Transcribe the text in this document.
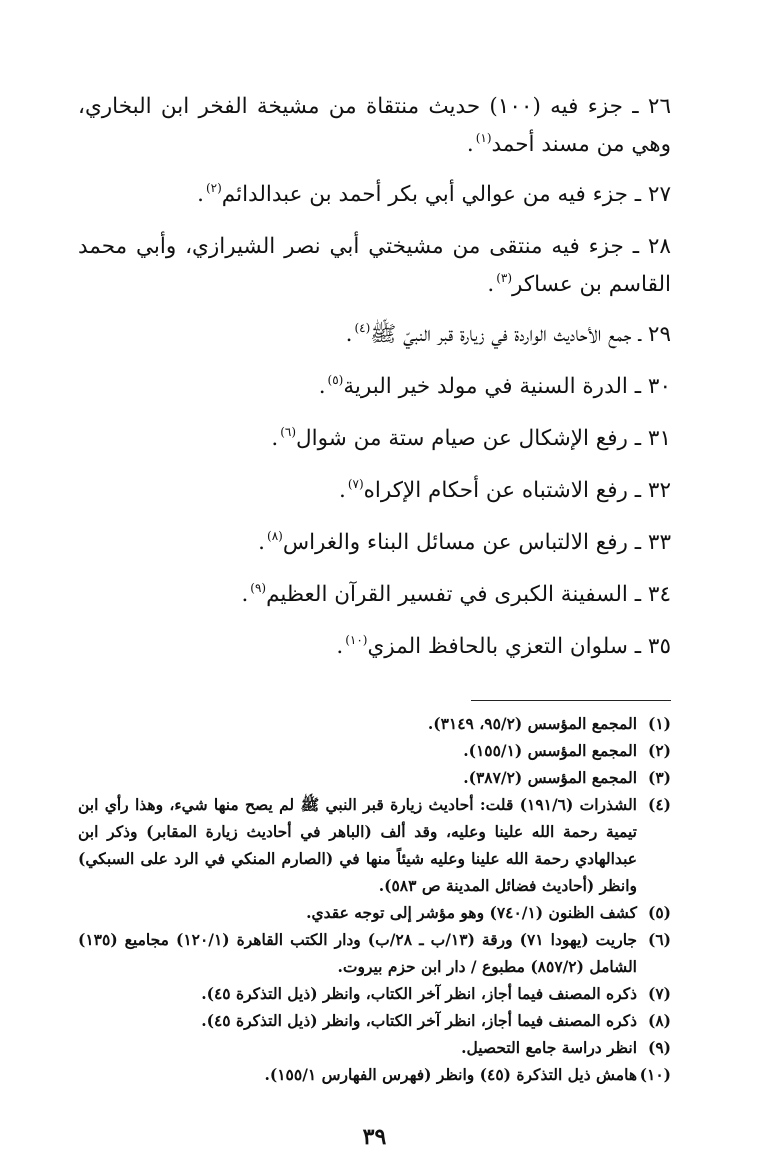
٢٦ ـ جزء فيه (١٠٠) حديث منتقاة من مشيخة الفخر ابن البخاري، وهي من مسند أحمد$^{(١)}$.
٢٧ ـ جزء فيه من عوالي أبي بكر أحمد بن عبدالدائم$^{(٢)}$.
٢٨ ـ جزء فيه منتقى من مشيختي أبي نصر الشيرازي، وأبي محمد القاسم بن عساكر$^{(٣)}$.
٢٩ ـ جمع الأحاديث الواردة في زيارة قبر النبيّ ﷺ$^{(٤)}$.
٣٠ ـ الدرة السنية في مولد خير البرية$^{(٥)}$.
٣١ ـ رفع الإشكال عن صيام ستة من شوال$^{(٦)}$.
٣٢ ـ رفع الاشتباه عن أحكام الإكراه$^{(٧)}$.
٣٣ ـ رفع الالتباس عن مسائل البناء والغراس$^{(٨)}$.
٣٤ ـ السفينة الكبرى في تفسير القرآن العظيم$^{(٩)}$.
٣٥ ـ سلوان التعزي بالحافظ المزي$^{(١٠)}$.
(١)
المجمع المؤسس (٩٥/٢، ٣١٤٩).
(٢)
المجمع المؤسس (١٥٥/١).
(٣)
المجمع المؤسس (٣٨٧/٢).
(٤)
الشذرات (١٩١/٦) قلت: أحاديث زيارة قبر النبي ﷺ لم يصح منها شيء، وهذا رأي ابن تيمية رحمة الله علينا وعليه، وقد ألف (الباهر في أحاديث زيارة المقابر) وذكر ابن عبدالهادي رحمة الله علينا وعليه شيئاً منها في (الصارم المنكي في الرد على السبكي) وانظر (أحاديث فضائل المدينة ص ٥٨٣).
(٥)
كشف الظنون (٧٤٠/١) وهو مؤشر إلى توجه عقدي.
(٦)
جاريت (يهودا ٧١) ورقة (١٣/ب ـ ٢٨/ب) ودار الكتب القاهرة (١٢٠/١) مجاميع (١٣٥) الشامل (٨٥٧/٢) مطبوع / دار ابن حزم بيروت.
(٧)
ذكره المصنف فيما أجاز، انظر آخر الكتاب، وانظر (ذيل التذكرة ٤٥).
(٨)
ذكره المصنف فيما أجاز، انظر آخر الكتاب، وانظر (ذيل التذكرة ٤٥).
(٩)
انظر دراسة جامع التحصيل.
(١٠)
هامش ذيل التذكرة (٤٥) وانظر (فهرس الفهارس ١٥٥/١).
٣٩
